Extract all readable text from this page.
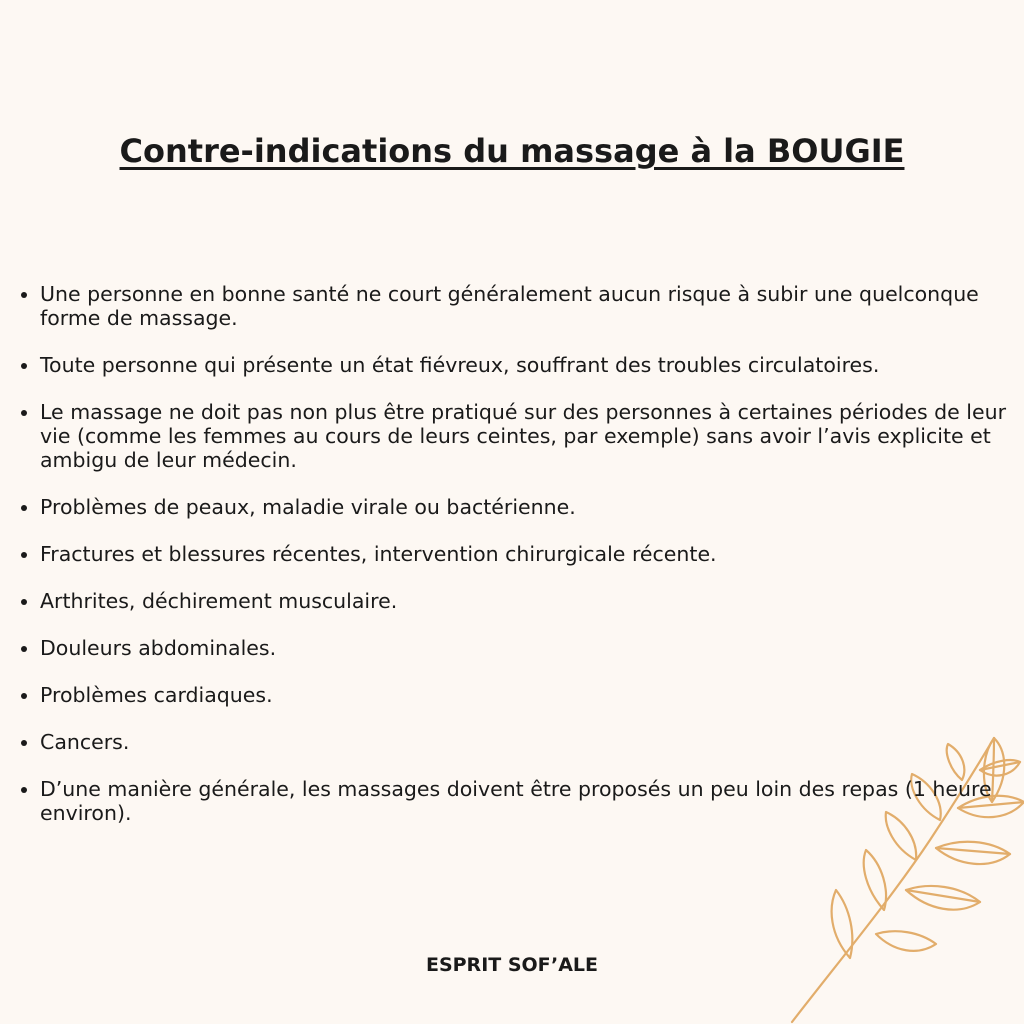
Contre-indications du massage à la BOUGIE
Une personne en bonne santé ne court généralement aucun risque à subir une quelconque forme de massage.
Toute personne qui présente un état fiévreux, souffrant des troubles circulatoires.
Le massage ne doit pas non plus être pratiqué sur des personnes à certaines périodes de leur vie (comme les femmes au cours de leurs ceintes, par exemple) sans avoir l’avis explicite et ambigu de leur médecin.
Problèmes de peaux, maladie virale ou bactérienne.
Fractures et blessures récentes, intervention chirurgicale récente.
Arthrites, déchirement musculaire.
Douleurs abdominales.
Problèmes cardiaques.
Cancers.
D’une manière générale, les massages doivent être proposés un peu loin des repas (1 heure environ).

ESPRIT SOF’ALE
